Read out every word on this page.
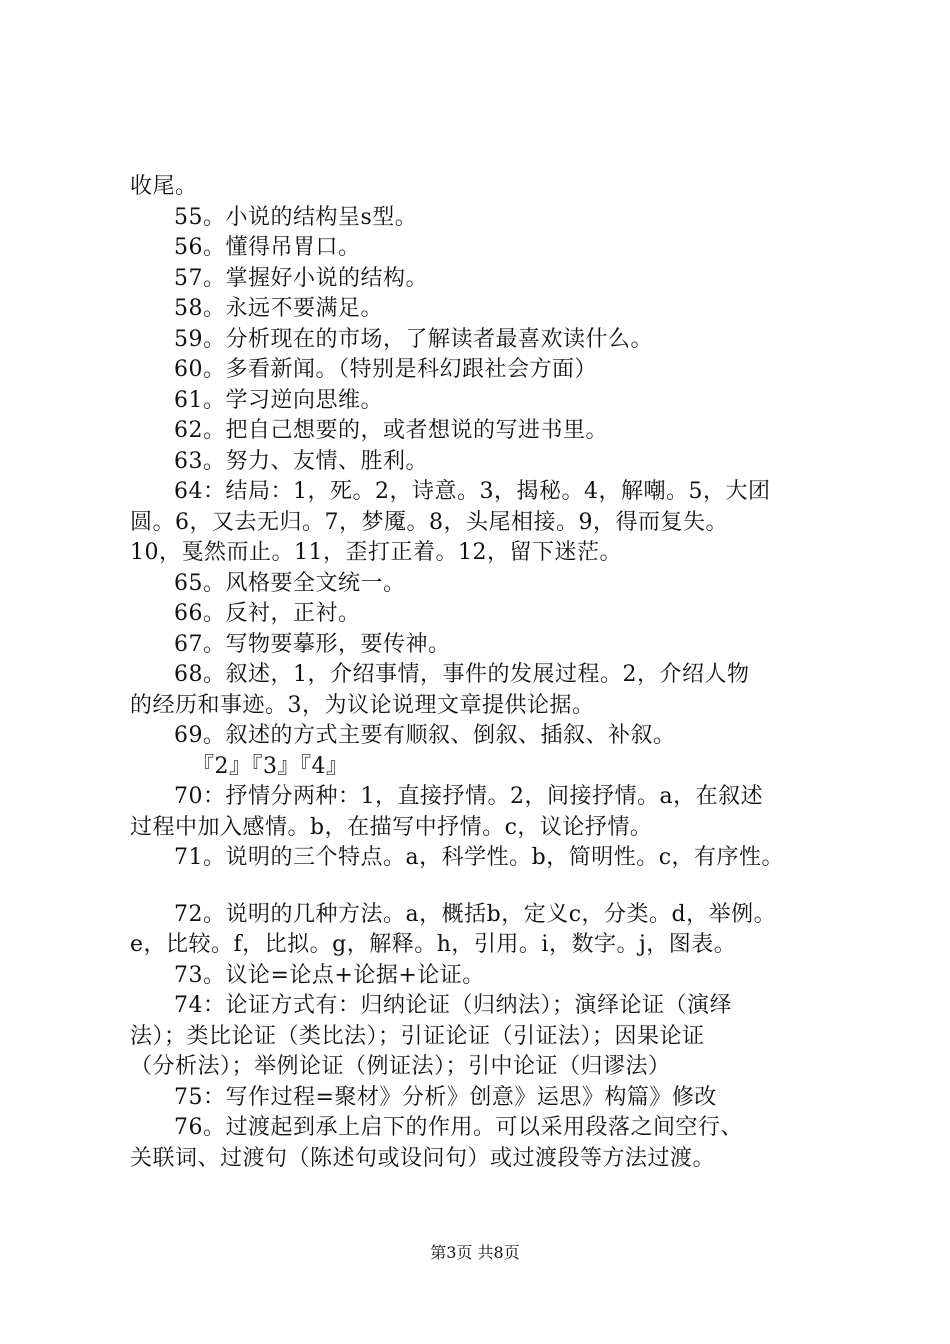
收尾。
55。小说的结构呈s型。
56。懂得吊胃口。
57。掌握好小说的结构。
58。永远不要满足。
59。分析现在的市场，了解读者最喜欢读什么。
60。多看新闻。（特别是科幻跟社会方面）
61。学习逆向思维。
62。把自己想要的，或者想说的写进书里。
63。努力、友情、胜利。
64：结局：1，死。2，诗意。3，揭秘。4，解嘲。5，大团
圆。6，又去无归。7，梦魇。8，头尾相接。9，得而复失。
10，戛然而止。11，歪打正着。12，留下迷茫。
65。风格要全文统一。
66。反衬，正衬。
67。写物要摹形，要传神。
68。叙述，1，介绍事情，事件的发展过程。2，介绍人物
的经历和事迹。3，为议论说理文章提供论据。
69。叙述的方式主要有顺叙、倒叙、插叙、补叙。
『2』『3』『4』
70：抒情分两种：1，直接抒情。2，间接抒情。a，在叙述
过程中加入感情。b，在描写中抒情。c，议论抒情。
71。说明的三个特点。a，科学性。b，简明性。c，有序性。
72。说明的几种方法。a，概括b，定义c，分类。d，举例。
e，比较。f，比拟。g，解释。h，引用。i，数字。j，图表。
73。议论=论点+论据+论证。
74：论证方式有：归纳论证（归纳法）；演绎论证（演绎
法）；类比论证（类比法）；引证论证（引证法）；因果论证
（分析法）；举例论证（例证法）；引中论证（归谬法）
75：写作过程=聚材》分析》创意》运思》构篇》修改
76。过渡起到承上启下的作用。可以采用段落之间空行、
关联词、过渡句（陈述句或设问句）或过渡段等方法过渡。
第3页 共8页
